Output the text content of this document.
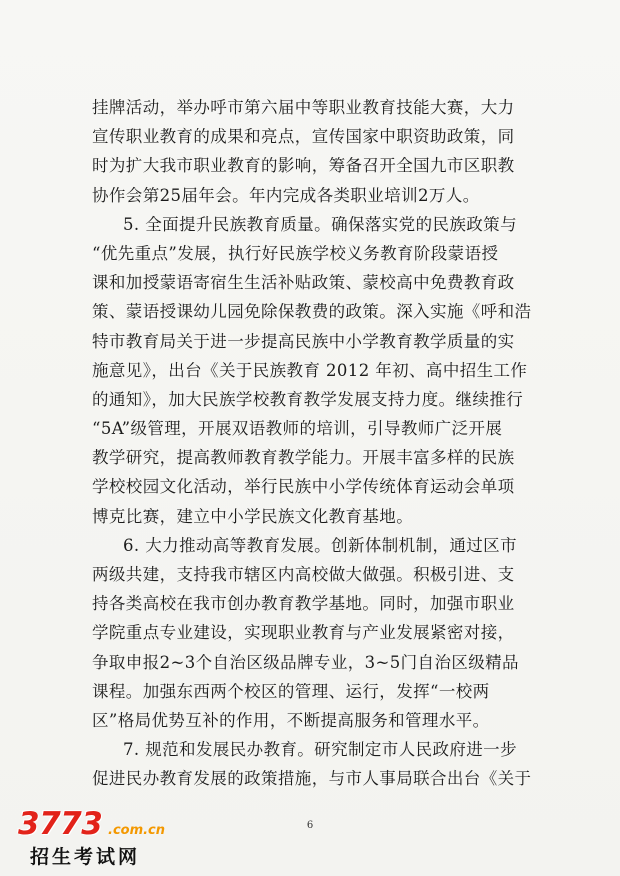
挂牌活动，举办呼市第六届中等职业教育技能大赛，大力
宣传职业教育的成果和亮点，宣传国家中职资助政策，同
时为扩大我市职业教育的影响，筹备召开全国九市区职教
协作会第25届年会。年内完成各类职业培训2万人。
5. 全面提升民族教育质量。确保落实党的民族政策与
“优先重点”发展，执行好民族学校义务教育阶段蒙语授
课和加授蒙语寄宿生生活补贴政策、蒙校高中免费教育政
策、蒙语授课幼儿园免除保教费的政策。深入实施《呼和浩
特市教育局关于进一步提高民族中小学教育教学质量的实
施意见》，出台《关于民族教育 2012 年初、高中招生工作
的通知》，加大民族学校教育教学发展支持力度。继续推行
“5A”级管理，开展双语教师的培训，引导教师广泛开展
教学研究，提高教师教育教学能力。开展丰富多样的民族
学校校园文化活动，举行民族中小学传统体育运动会单项
博克比赛，建立中小学民族文化教育基地。
6. 大力推动高等教育发展。创新体制机制，通过区市
两级共建，支持我市辖区内高校做大做强。积极引进、支
持各类高校在我市创办教育教学基地。同时，加强市职业
学院重点专业建设，实现职业教育与产业发展紧密对接，
争取申报2~3个自治区级品牌专业，3~5门自治区级精品
课程。加强东西两个校区的管理、运行，发挥“一校两
区”格局优势互补的作用，不断提高服务和管理水平。
7. 规范和发展民办教育。研究制定市人民政府进一步
促进民办教育发展的政策措施，与市人事局联合出台《关于
6
3773 .com.cn
招生考试网
